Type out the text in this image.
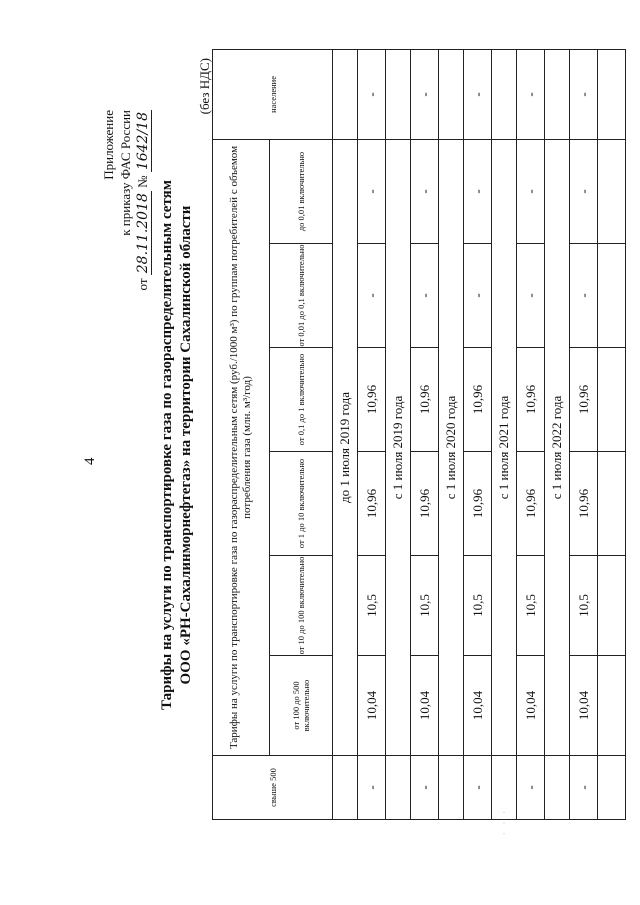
4
Приложение к приказу ФАС России
от 28.11.2018 № 1642/18
Тарифы на услуги по транспортировке газа по газораспределительным сетям ООО «РН-Сахалинморнефтегаз» на территории Сахалинской области
(без НДС)
свыше 500	Тарифы на услуги по транспортировке газа по газораспределительным сетям (руб./1000 м³) по группам потребителей с объемом потребления газа (млн. м³/год)						население
	от 100 до 500 включительно	от 10 до 100 включительно	от 1 до 10 включительно	от 0,1 до 1 включительно	от 0,01 до 0,1 включительно	до 0,01 включительно	
	до 1 июля 2019 года						
-	10,04	10,5	10,96	10,96	-	-	-
	с 1 июля 2019 года						
-	10,04	10,5	10,96	10,96	-	-	-
	с 1 июля 2020 года						
-	10,04	10,5	10,96	10,96	-	-	-
	с 1 июля 2021 года						
-	10,04	10,5	10,96	10,96	-	-	-
	с 1 июля 2022 года						
-	10,04	10,5	10,96	10,96	-	-	-

· · ·
